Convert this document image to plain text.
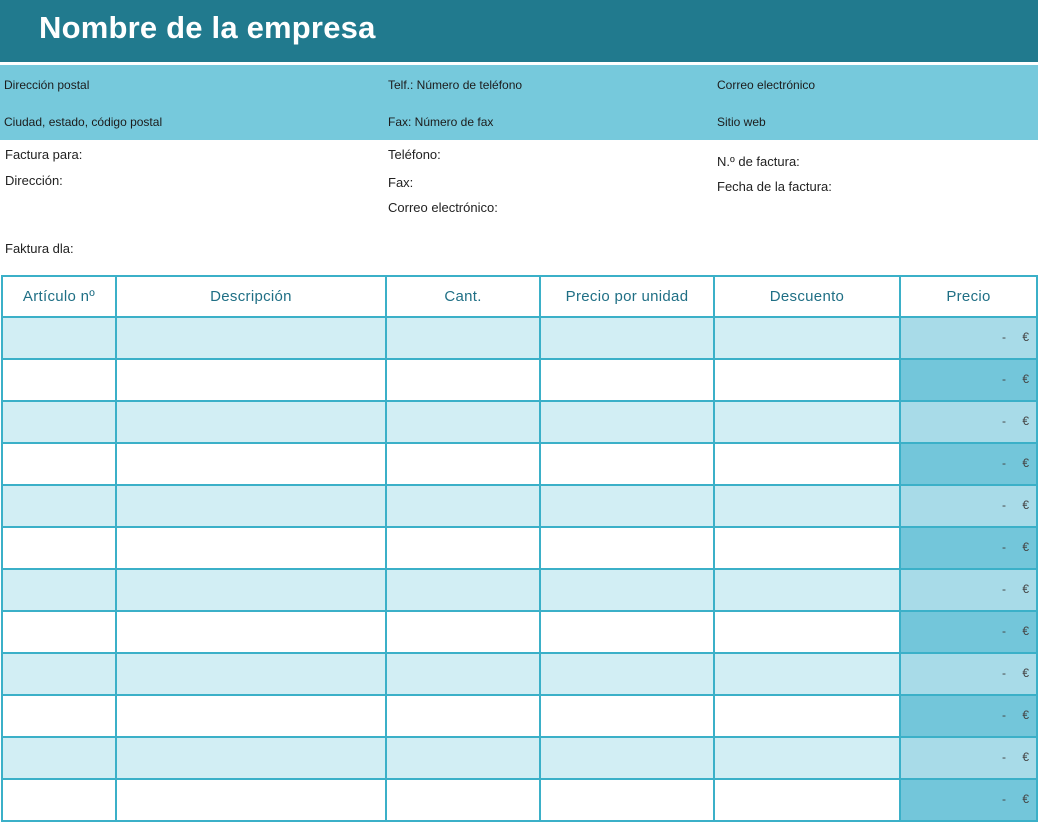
Nombre de la empresa
Dirección postal
Ciudad, estado, código postal
Telf.: Número de teléfono
Fax: Número de fax
Correo electrónico
Sitio web
Factura para:
Dirección:
Teléfono:
Fax:
Correo electrónico:
N.º de factura:
Fecha de la factura:
Faktura dla:
Artículo nº	Descripción	Cant.	Precio por unidad	Descuento	Precio

					- €

					- €

					- €

					- €

					- €

					- €

					- €

					- €

					- €

					- €

					- €

					- €
